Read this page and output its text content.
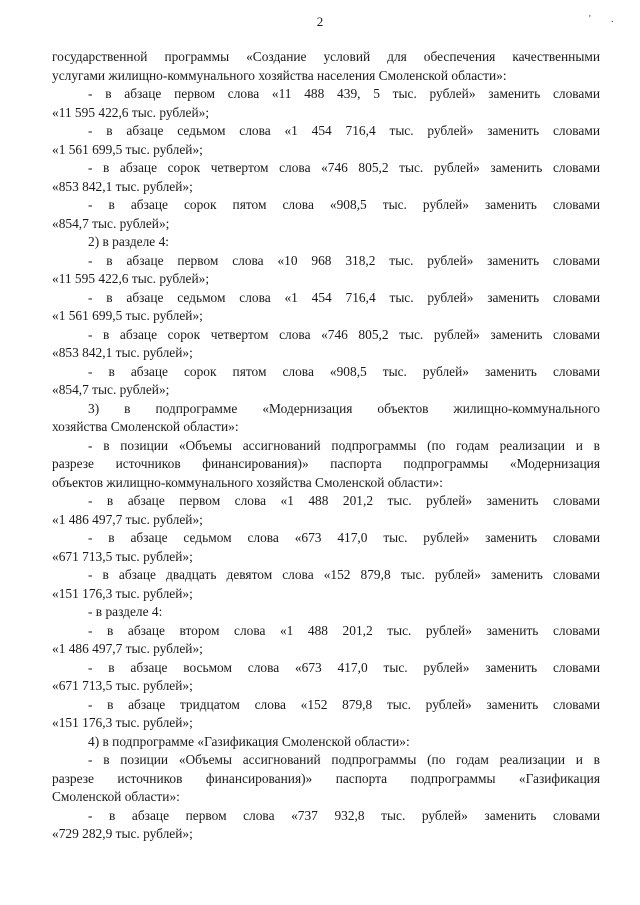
2	' .
государственной программы «Создание условий для обеспечения качественными
услугами жилищно-коммунального хозяйства населения Смоленской области»:
- в абзаце первом слова «11 488 439, 5 тыс. рублей» заменить словами
«11 595 422,6 тыс. рублей»;
- в абзаце седьмом слова «1 454 716,4 тыс. рублей» заменить словами
«1 561 699,5 тыс. рублей»;
- в абзаце сорок четвертом слова «746 805,2 тыс. рублей» заменить словами
«853 842,1 тыс. рублей»;
- в абзаце сорок пятом слова «908,5 тыс. рублей» заменить словами
«854,7 тыс. рублей»;
2) в разделе 4:
- в абзаце первом слова «10 968 318,2 тыс. рублей» заменить словами
«11 595 422,6 тыс. рублей»;
- в абзаце седьмом слова «1 454 716,4 тыс. рублей» заменить словами
«1 561 699,5 тыс. рублей»;
- в абзаце сорок четвертом слова «746 805,2 тыс. рублей» заменить словами
«853 842,1 тыс. рублей»;
- в абзаце сорок пятом слова «908,5 тыс. рублей» заменить словами
«854,7 тыс. рублей»;
3) в подпрограмме «Модернизация объектов жилищно-коммунального
хозяйства Смоленской области»:
- в позиции «Объемы ассигнований подпрограммы (по годам реализации и в
разрезе источников финансирования)» паспорта подпрограммы «Модернизация
объектов жилищно-коммунального хозяйства Смоленской области»:
- в абзаце первом слова «1 488 201,2 тыс. рублей» заменить словами
«1 486 497,7 тыс. рублей»;
- в абзаце седьмом слова «673 417,0 тыс. рублей» заменить словами
«671 713,5 тыс. рублей»;
- в абзаце двадцать девятом слова «152 879,8 тыс. рублей» заменить словами
«151 176,3 тыс. рублей»;
- в разделе 4:
- в абзаце втором слова «1 488 201,2 тыс. рублей» заменить словами
«1 486 497,7 тыс. рублей»;
- в абзаце восьмом слова «673 417,0 тыс. рублей» заменить словами
«671 713,5 тыс. рублей»;
- в абзаце тридцатом слова «152 879,8 тыс. рублей» заменить словами
«151 176,3 тыс. рублей»;
4) в подпрограмме «Газификация Смоленской области»:
- в позиции «Объемы ассигнований подпрограммы (по годам реализации и в
разрезе источников финансирования)» паспорта подпрограммы «Газификация
Смоленской области»:
- в абзаце первом слова «737 932,8 тыс. рублей» заменить словами
«729 282,9 тыс. рублей»;
